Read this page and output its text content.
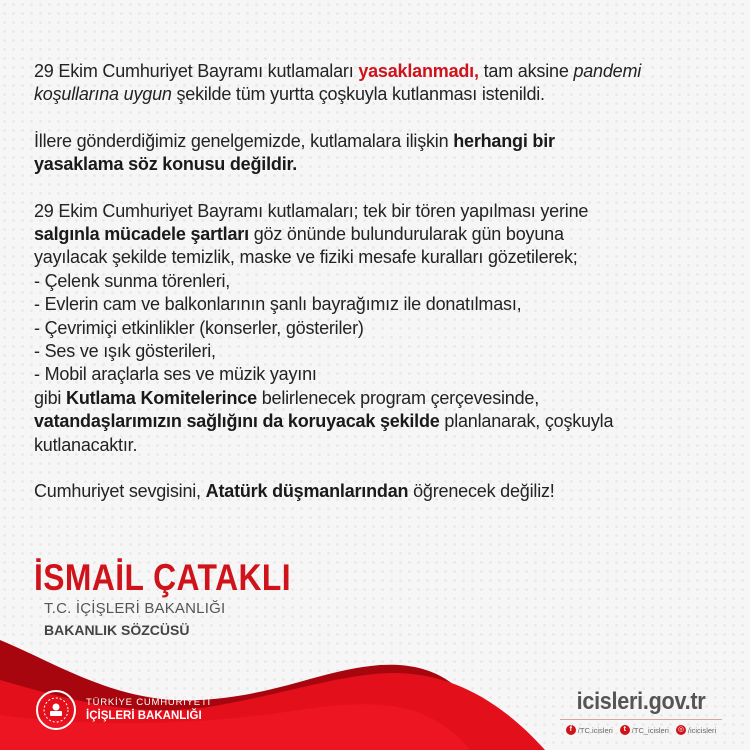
29 Ekim Cumhuriyet Bayramı kutlamaları yasaklanmadı, tam aksine pandemi
koşullarına uygun şekilde tüm yurtta çoşkuyla kutlanması istenildi.
İllere gönderdiğimiz genelgemizde, kutlamalara ilişkin herhangi bir
yasaklama söz konusu değildir.
29 Ekim Cumhuriyet Bayramı kutlamaları; tek bir tören yapılması yerine
salgınla mücadele şartları göz önünde bulundurularak gün boyuna
yayılacak şekilde temizlik, maske ve fiziki mesafe kuralları gözetilerek;
- Çelenk sunma törenleri,
- Evlerin cam ve balkonlarının şanlı bayrağımız ile donatılması,
- Çevrimiçi etkinlikler (konserler, gösteriler)
- Ses ve ışık gösterileri,
- Mobil araçlarla ses ve müzik yayını
gibi Kutlama Komitelerince belirlenecek program çerçevesinde,
vatandaşlarımızın sağlığını da koruyacak şekilde planlanarak, çoşkuyla
kutlanacaktır.
Cumhuriyet sevgisini, Atatürk düşmanlarından öğrenecek değiliz!
İSMAİL ÇATAKLI
T.C. İÇİŞLERİ BAKANLIĞI
BAKANLIK SÖZCÜSÜ
TÜRKİYE CUMHURİYETİ
İÇİŞLERİ BAKANLIĞI
icisleri.gov.tr
f /TC.icisleri	t /TC_icisleri ◎ /icicisleri
